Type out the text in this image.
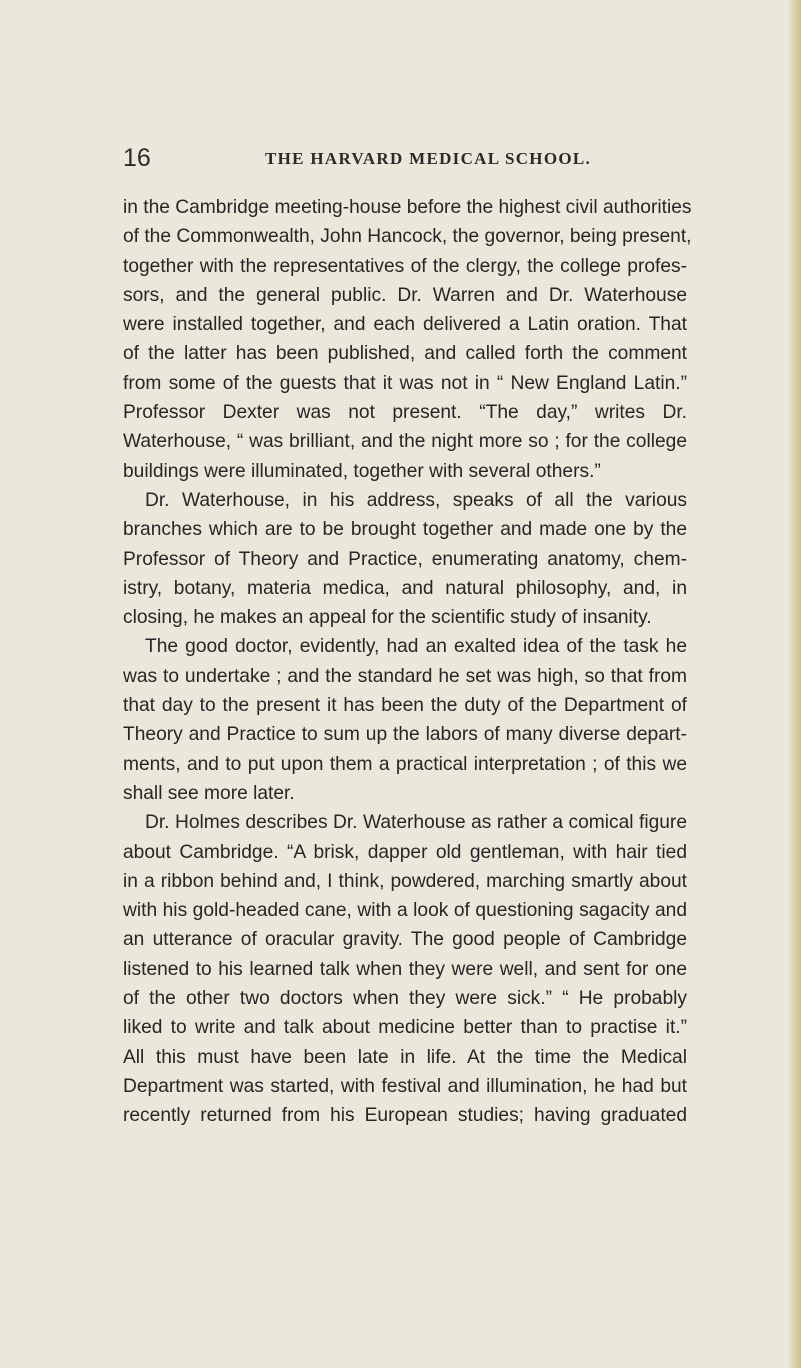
16	THE HARVARD MEDICAL SCHOOL.
in the Cambridge meeting-house before the highest civil authorities
of the Commonwealth, John Hancock, the governor, being present,
together with the representatives of the clergy, the college profes-
sors, and the general public. Dr. Warren and Dr. Waterhouse
were installed together, and each delivered a Latin oration. That
of the latter has been published, and called forth the comment
from some of the guests that it was not in “ New England Latin.”
Professor Dexter was not present. “The day,” writes Dr.
Waterhouse, “ was brilliant, and the night more so ; for the college
buildings were illuminated, together with several others.”
Dr. Waterhouse, in his address, speaks of all the various
branches which are to be brought together and made one by the
Professor of Theory and Practice, enumerating anatomy, chem-
istry, botany, materia medica, and natural philosophy, and, in
closing, he makes an appeal for the scientific study of insanity.
The good doctor, evidently, had an exalted idea of the task he
was to undertake ; and the standard he set was high, so that from
that day to the present it has been the duty of the Department of
Theory and Practice to sum up the labors of many diverse depart-
ments, and to put upon them a practical interpretation ; of this we
shall see more later.
Dr. Holmes describes Dr. Waterhouse as rather a comical figure
about Cambridge. “A brisk, dapper old gentleman, with hair tied
in a ribbon behind and, I think, powdered, marching smartly about
with his gold-headed cane, with a look of questioning sagacity and
an utterance of oracular gravity. The good people of Cambridge
listened to his learned talk when they were well, and sent for one
of the other two doctors when they were sick.” “ He probably
liked to write and talk about medicine better than to practise it.”
All this must have been late in life. At the time the Medical
Department was started, with festival and illumination, he had but
recently returned from his European studies; having graduated
